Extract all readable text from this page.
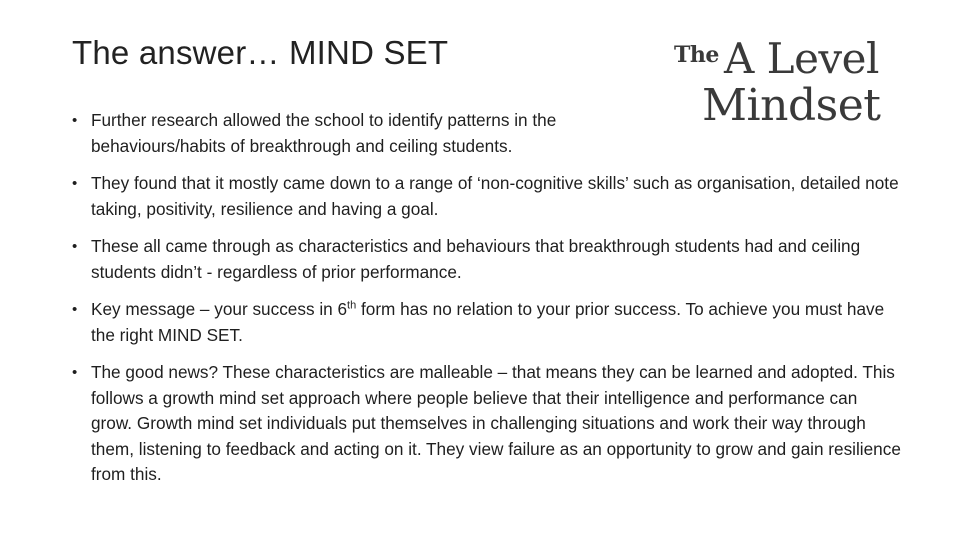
The answer… MIND SET	The A Level
Mindset
• Further research allowed the school to identify patterns in the behaviours/habits of breakthrough and ceiling students.
• They found that it mostly came down to a range of ‘non-cognitive skills’ such as organisation, detailed note taking, positivity, resilience and having a goal.
• These all came through as characteristics and behaviours that breakthrough students had and ceiling students didn’t - regardless of prior performance.
• Key message – your success in 6th form has no relation to your prior success. To achieve you must have the right MIND SET.
• The good news? These characteristics are malleable – that means they can be learned and adopted. This follows a growth mind set approach where people believe that their intelligence and performance can grow. Growth mind set individuals put themselves in challenging situations and work their way through them, listening to feedback and acting on it. They view failure as an opportunity to grow and gain resilience from this.
